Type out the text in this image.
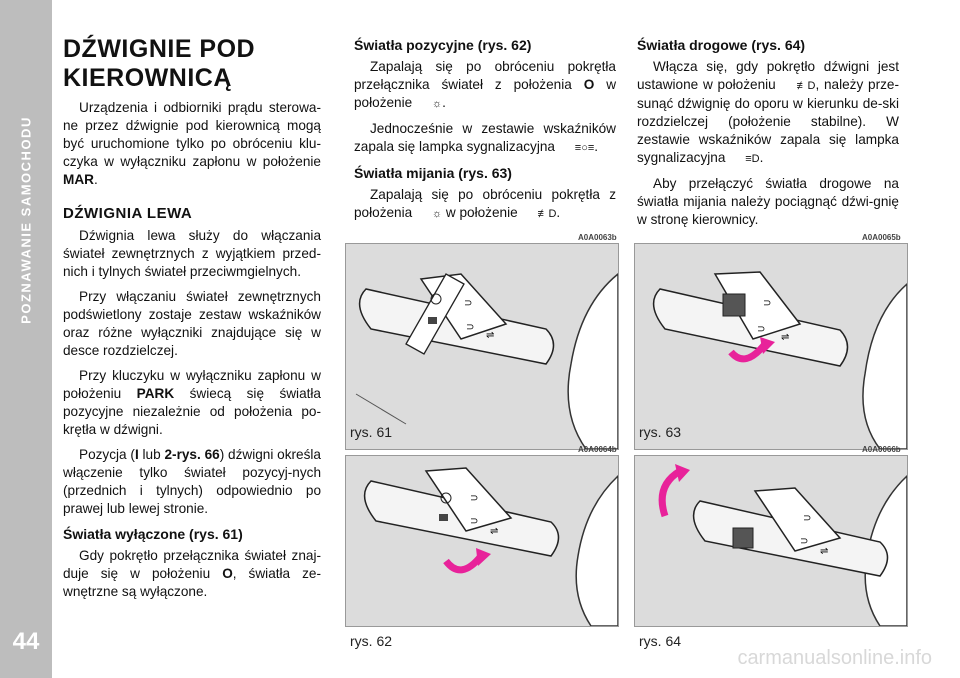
POZNAWANIE SAMOCHODU
44
DŹWIGNIE POD KIEROWNICĄ

Urządzenia i odbiorniki prądu sterowa-ne przez dźwignie pod kierownicą mogą być uruchomione tylko po obróceniu klu-czyka w wyłączniku zapłonu w położenie MAR.

DŹWIGNIA LEWA

Dźwignia lewa służy do włączania świateł zewnętrznych z wyjątkiem przed-nich i tylnych świateł przeciwmgielnych.

Przy włączaniu świateł zewnętrznych podświetlony zostaje zestaw wskaźników oraz różne wyłączniki znajdujące się w desce rozdzielczej.

Przy kluczyku w wyłączniku zapłonu w położeniu PARK świecą się światła pozycyjne niezależnie od położenia po-krętła w dźwigni.

Pozycja (I lub 2-rys. 66) dźwigni określa włączenie tylko świateł pozycyj-nych (przednich i tylnych) odpowiednio po prawej lub lewej stronie.

Światła wyłączone (rys. 61)

Gdy pokrętło przełącznika świateł znaj-duje się w położeniu O, światła ze-wnętrzne są wyłączone.

Światła pozycyjne (rys. 62)

Zapalają się po obróceniu pokrętła przełącznika świateł z położenia O w położenie ☼.

Jednocześnie w zestawie wskaźników zapala się lampka sygnalizacyjna ≡○≡.

Światła mijania (rys. 63)

Zapalają się po obróceniu pokrętła z położenia ☼ w położenie ≢D.

Światła drogowe (rys. 64)

Włącza się, gdy pokrętło dźwigni jest ustawione w położeniu ≢D, należy prze-sunąć dźwignię do oporu w kierunku de-ski rozdzielczej (położenie stabilne). W zestawie wskaźników zapala się lampka sygnalizacyjna ≡D.

Aby przełączyć światła drogowe na światła mijania należy pociągnąć dźwi-gnię w stronę kierownicy.

A0A0063b
⊃
⊃
⇌
rys. 61
A0A0065b
⊃
⊃
⇌
rys. 63
A0A0064b
⊃
⊃
⇌
rys. 62
A0A0066b
⊃
⊃
⇌
rys. 64
carmanualsonline.info
